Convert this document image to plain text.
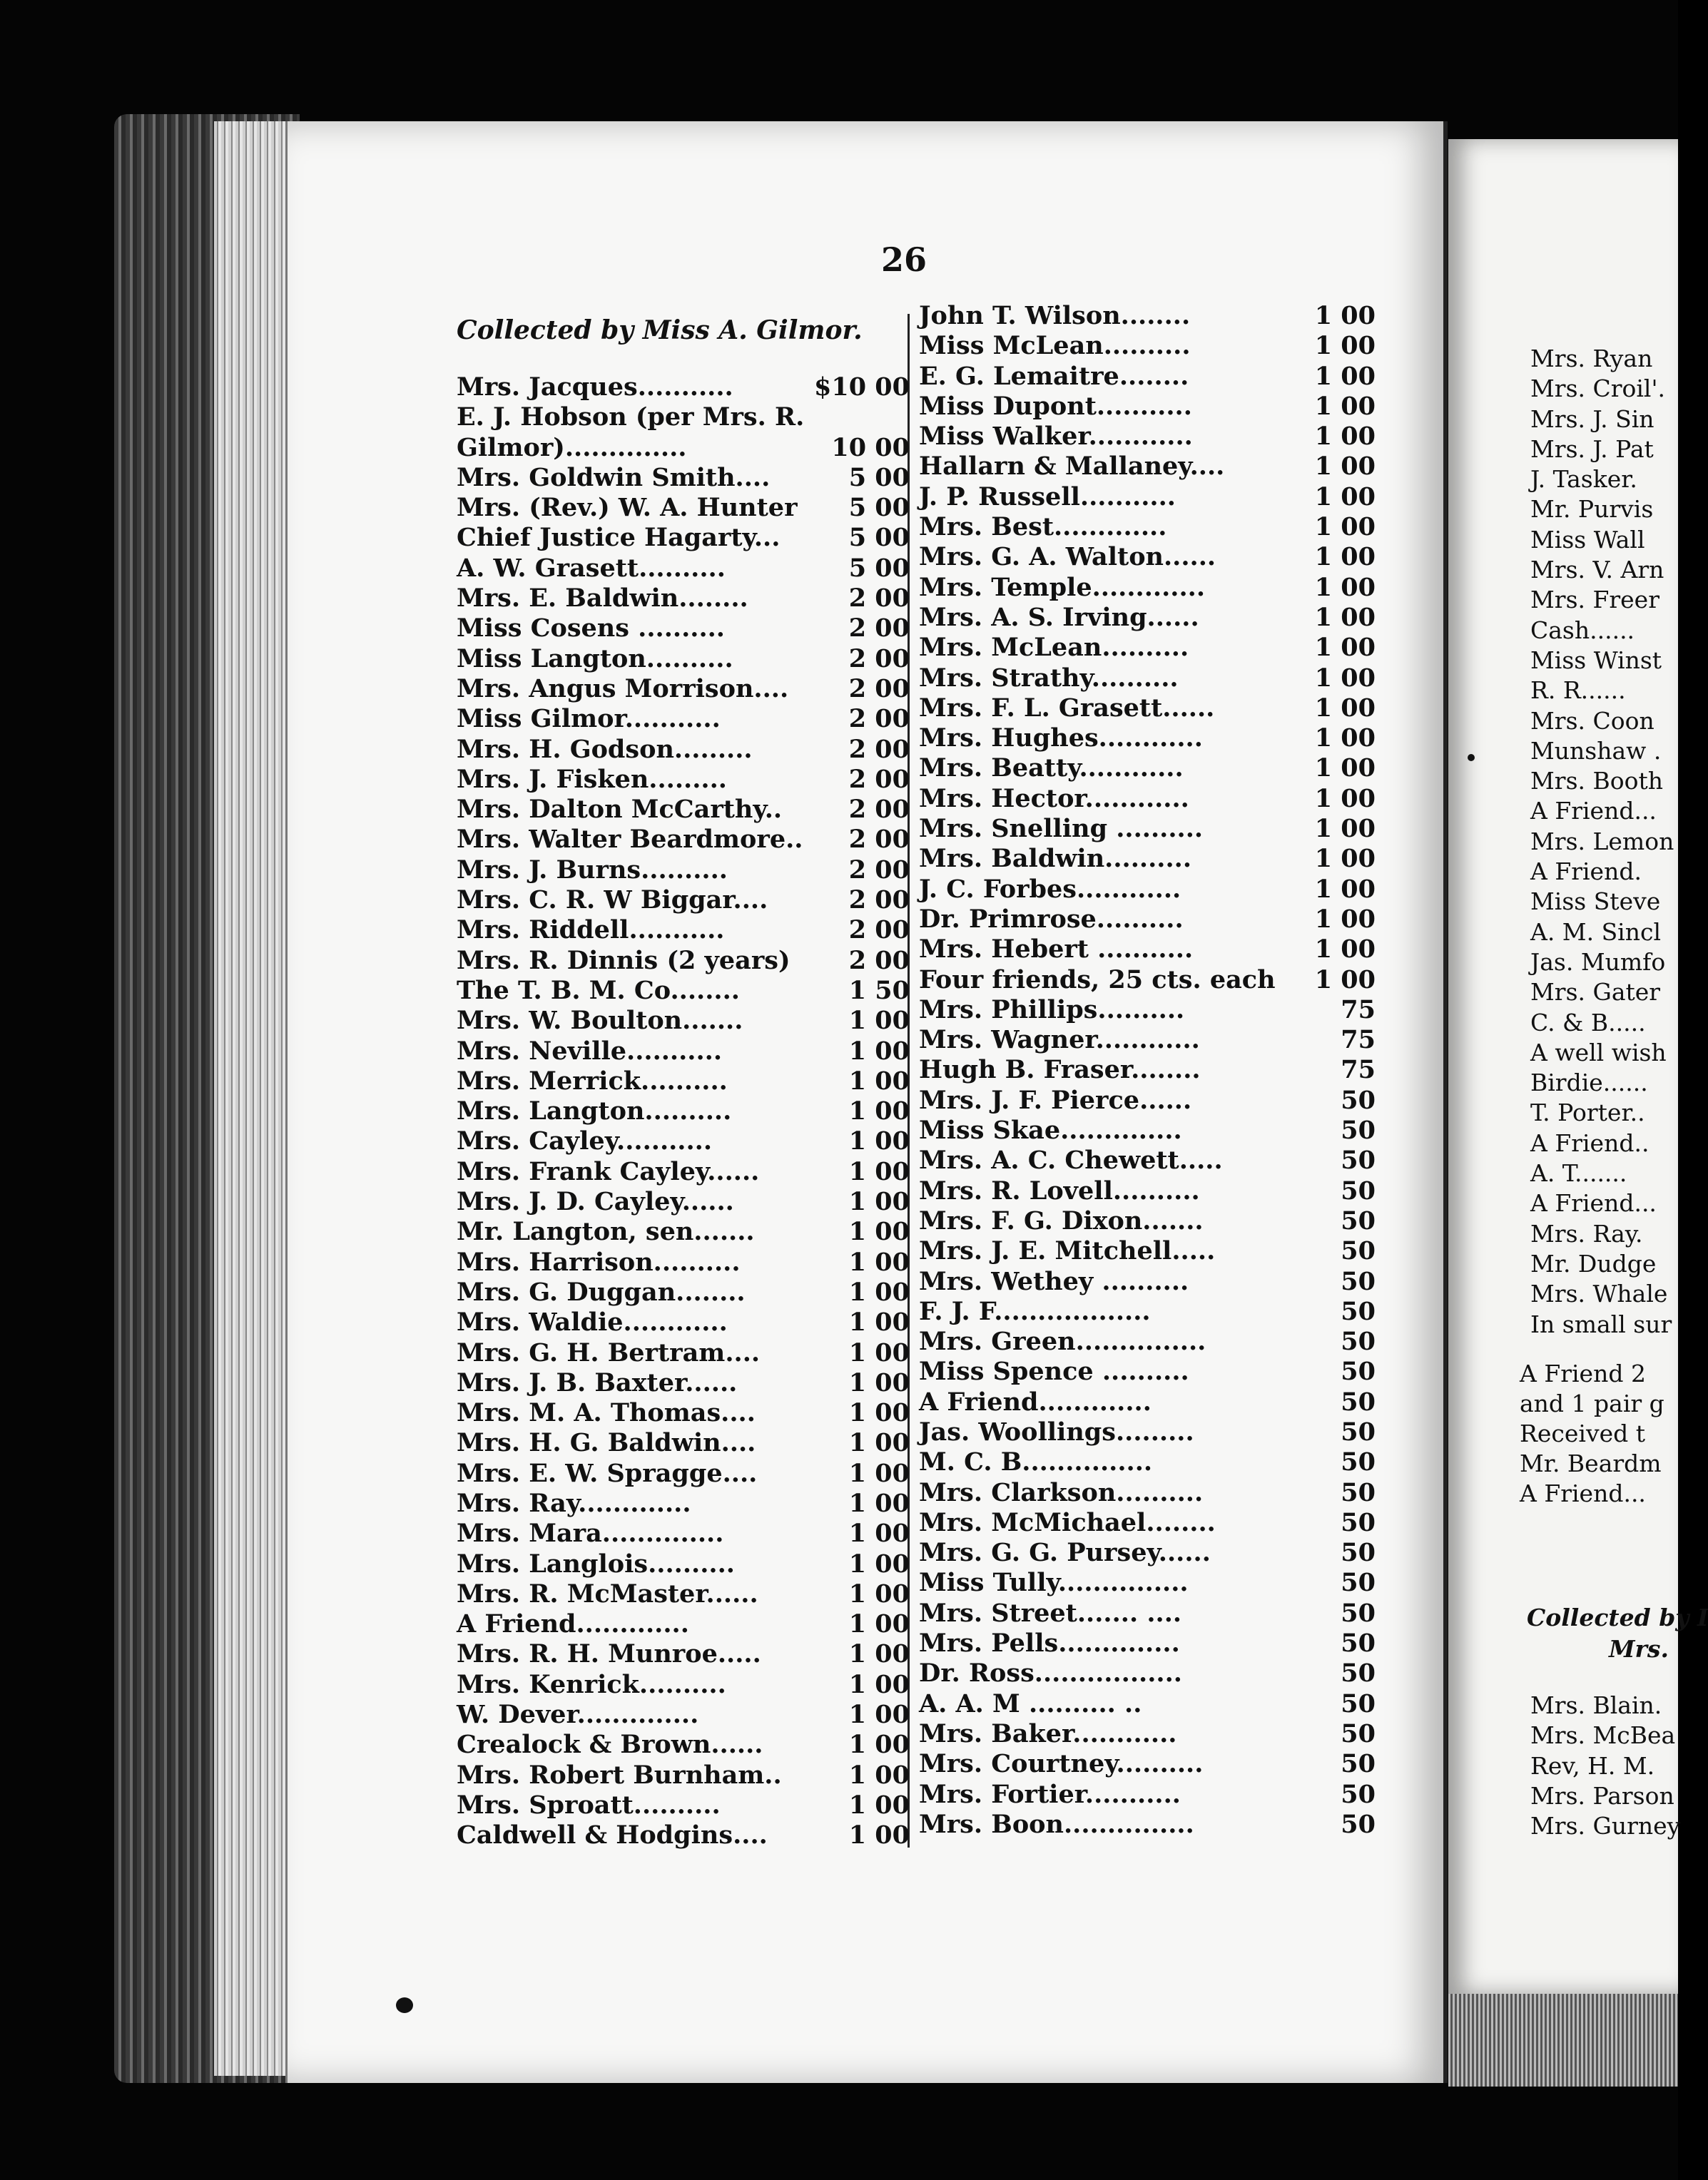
26
Collected by Miss A. Gilmor.
Mrs. Jacques...........	$10 00
E. J. Hobson (per Mrs. R.
Gilmor)..............	10 00
Mrs. Goldwin Smith....	5 00
Mrs. (Rev.) W. A. Hunter 5 00
Chief Justice Hagarty...	5 00
A. W. Grasett..........	5 00
Mrs. E. Baldwin........	2 00
Miss Cosens ..........	2 00
Miss Langton..........	2 00
Mrs. Angus Morrison.... 2 00
Miss Gilmor...........	2 00
Mrs. H. Godson.........	2 00
Mrs. J. Fisken.........	2 00
Mrs. Dalton McCarthy..	2 00
Mrs. Walter Beardmore.. 2 00
Mrs. J. Burns..........	2 00
Mrs. C. R. W Biggar....	2 00
Mrs. Riddell...........	2 00
Mrs. R. Dinnis (2 years) 2 00
The T. B. M. Co........	1 50
Mrs. W. Boulton.......	1 00
Mrs. Neville...........	1 00
Mrs. Merrick..........	1 00
Mrs. Langton..........	1 00
Mrs. Cayley...........	1 00
Mrs. Frank Cayley......	1 00
Mrs. J. D. Cayley......	1 00
Mr. Langton, sen.......	1 00
Mrs. Harrison..........	1 00
Mrs. G. Duggan........	1 00
Mrs. Waldie............	1 00
Mrs. G. H. Bertram....	1 00
Mrs. J. B. Baxter......	1 00
Mrs. M. A. Thomas....	1 00
Mrs. H. G. Baldwin....	1 00
Mrs. E. W. Spragge....	1 00
Mrs. Ray.............	1 00
Mrs. Mara..............	1 00
Mrs. Langlois..........	1 00
Mrs. R. McMaster......	1 00
A Friend.............	1 00
Mrs. R. H. Munroe.....	1 00
Mrs. Kenrick..........	1 00
W. Dever..............	1 00
Crealock & Brown......	1 00
Mrs. Robert Burnham..	1 00
Mrs. Sproatt..........	1 00
Caldwell & Hodgins....	1 00
John T. Wilson........	1 00
Miss McLean..........	1 00
E. G. Lemaitre........	1 00
Miss Dupont...........	1 00
Miss Walker............	1 00
Hallarn & Mallaney....	1 00
J. P. Russell...........	1 00
Mrs. Best.............	1 00
Mrs. G. A. Walton......	1 00
Mrs. Temple.............	1 00
Mrs. A. S. Irving......	1 00
Mrs. McLean..........	1 00
Mrs. Strathy..........	1 00
Mrs. F. L. Grasett......	1 00
Mrs. Hughes............	1 00
Mrs. Beatty............	1 00
Mrs. Hector............	1 00
Mrs. Snelling ..........	1 00
Mrs. Baldwin..........	1 00
J. C. Forbes............	1 00
Dr. Primrose..........	1 00
Mrs. Hebert ...........	1 00
Four friends, 25 cts. each 1 00
Mrs. Phillips..........	75
Mrs. Wagner............	75
Hugh B. Fraser........	75
Mrs. J. F. Pierce......	50
Miss Skae..............	50
Mrs. A. C. Chewett.....	50
Mrs. R. Lovell..........	50
Mrs. F. G. Dixon.......	50
Mrs. J. E. Mitchell.....	50
Mrs. Wethey ..........	50
F. J. F..................	50
Mrs. Green...............	50
Miss Spence ..........	50
A Friend.............	50
Jas. Woollings.........	50
M. C. B...............	50
Mrs. Clarkson..........	50
Mrs. McMichael........	50
Mrs. G. G. Pursey......	50
Miss Tully...............	50
Mrs. Street....... ....	50
Mrs. Pells..............	50
Dr. Ross.................	50
A. A. M .......... ..	50
Mrs. Baker............	50
Mrs. Courtney..........	50
Mrs. Fortier...........	50
Mrs. Boon...............	50
Mrs. Ryan
Mrs. Croil'.
Mrs. J. Sin
Mrs. J. Pat
J. Tasker.
Mr. Purvis
Miss Wall
Mrs. V. Arn
Mrs. Freer
Cash......
Miss Winst
R. R......
Mrs. Coon
Munshaw .
Mrs. Booth
A Friend...
Mrs. Lemon
A Friend.
Miss Steve
A. M. Sincl
Jas. Mumfo
Mrs. Gater
C. & B.....
A well wish
Birdie......
T. Porter..
A Friend..
A. T.......
A Friend...
Mrs. Ray.
Mr. Dudge
Mrs. Whale
In small sur
A Friend 2
and 1 pair g
Received t
Mr. Beardm
A Friend...
Collected by I
Mrs.
Mrs. Blain.
Mrs. McBea
Rev, H. M.
Mrs. Parson
Mrs. Gurney
